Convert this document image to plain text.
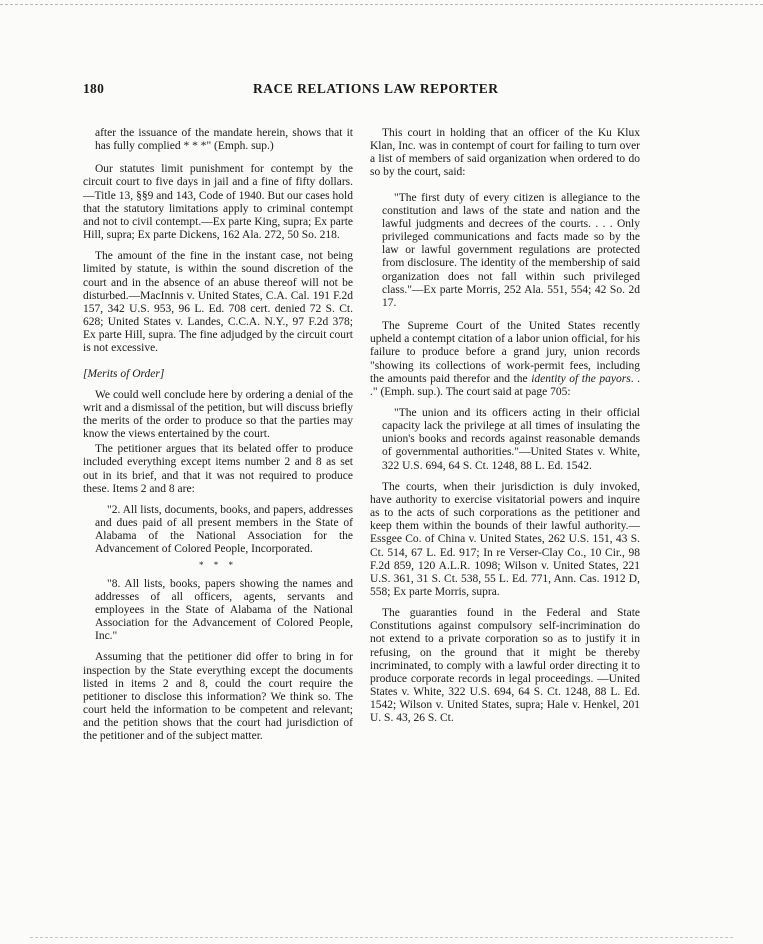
180	RACE RELATIONS LAW REPORTER

after the issuance of the mandate herein, shows that it has fully complied * * *" (Emph. sup.)

Our statutes limit punishment for contempt by the circuit court to five days in jail and a fine of fifty dollars.—Title 13, §§9 and 143, Code of 1940. But our cases hold that the statutory limitations apply to criminal contempt and not to civil contempt.—Ex parte King, supra; Ex parte Hill, supra; Ex parte Dickens, 162 Ala. 272, 50 So. 218.

The amount of the fine in the instant case, not being limited by statute, is within the sound discretion of the court and in the absence of an abuse thereof will not be disturbed.—MacInnis v. United States, C.A. Cal. 191 F.2d 157, 342 U.S. 953, 96 L. Ed. 708 cert. denied 72 S. Ct. 628; United States v. Landes, C.C.A. N.Y., 97 F.2d 378; Ex parte Hill, supra. The fine adjudged by the circuit court is not excessive.

[Merits of Order]

We could well conclude here by ordering a denial of the writ and a dismissal of the petition, but will discuss briefly the merits of the order to produce so that the parties may know the views entertained by the court.

The petitioner argues that its belated offer to produce included everything except items number 2 and 8 as set out in its brief, and that it was not required to produce these. Items 2 and 8 are:

"2. All lists, documents, books, and papers, addresses and dues paid of all present members in the State of Alabama of the National Association for the Advancement of Colored People, Incorporated.

* * *

"8. All lists, books, papers showing the names and addresses of all officers, agents, servants and employees in the State of Alabama of the National Association for the Advancement of Colored People, Inc."

Assuming that the petitioner did offer to bring in for inspection by the State everything except the documents listed in items 2 and 8, could the court require the petitioner to disclose this information? We think so. The court held the information to be competent and relevant; and the petition shows that the court had jurisdiction of the petitioner and of the subject matter.

This court in holding that an officer of the Ku Klux Klan, Inc. was in contempt of court for failing to turn over a list of members of said organization when ordered to do so by the court, said:

"The first duty of every citizen is allegiance to the constitution and laws of the state and nation and the lawful judgments and decrees of the courts. . . . Only privileged communications and facts made so by the law or lawful government regulations are protected from disclosure. The identity of the membership of said organization does not fall within such privileged class."—Ex parte Morris, 252 Ala. 551, 554; 42 So. 2d 17.

The Supreme Court of the United States recently upheld a contempt citation of a labor union official, for his failure to produce before a grand jury, union records "showing its collections of work-permit fees, including the amounts paid therefor and the identity of the payors. . ." (Emph. sup.). The court said at page 705:

"The union and its officers acting in their official capacity lack the privilege at all times of insulating the union's books and records against reasonable demands of governmental authorities."—United States v. White, 322 U.S. 694, 64 S. Ct. 1248, 88 L. Ed. 1542.

The courts, when their jurisdiction is duly invoked, have authority to exercise visitatorial powers and inquire as to the acts of such corporations as the petitioner and keep them within the bounds of their lawful authority.—Essgee Co. of China v. United States, 262 U.S. 151, 43 S. Ct. 514, 67 L. Ed. 917; In re Verser-Clay Co., 10 Cir., 98 F.2d 859, 120 A.L.R. 1098; Wilson v. United States, 221 U.S. 361, 31 S. Ct. 538, 55 L. Ed. 771, Ann. Cas. 1912 D, 558; Ex parte Morris, supra.

The guaranties found in the Federal and State Constitutions against compulsory self-incrimination do not extend to a private corporation so as to justify it in refusing, on the ground that it might be thereby incriminated, to comply with a lawful order directing it to produce corporate records in legal proceedings. —United States v. White, 322 U.S. 694, 64 S. Ct. 1248, 88 L. Ed. 1542; Wilson v. United States, supra; Hale v. Henkel, 201 U. S. 43, 26 S. Ct.
